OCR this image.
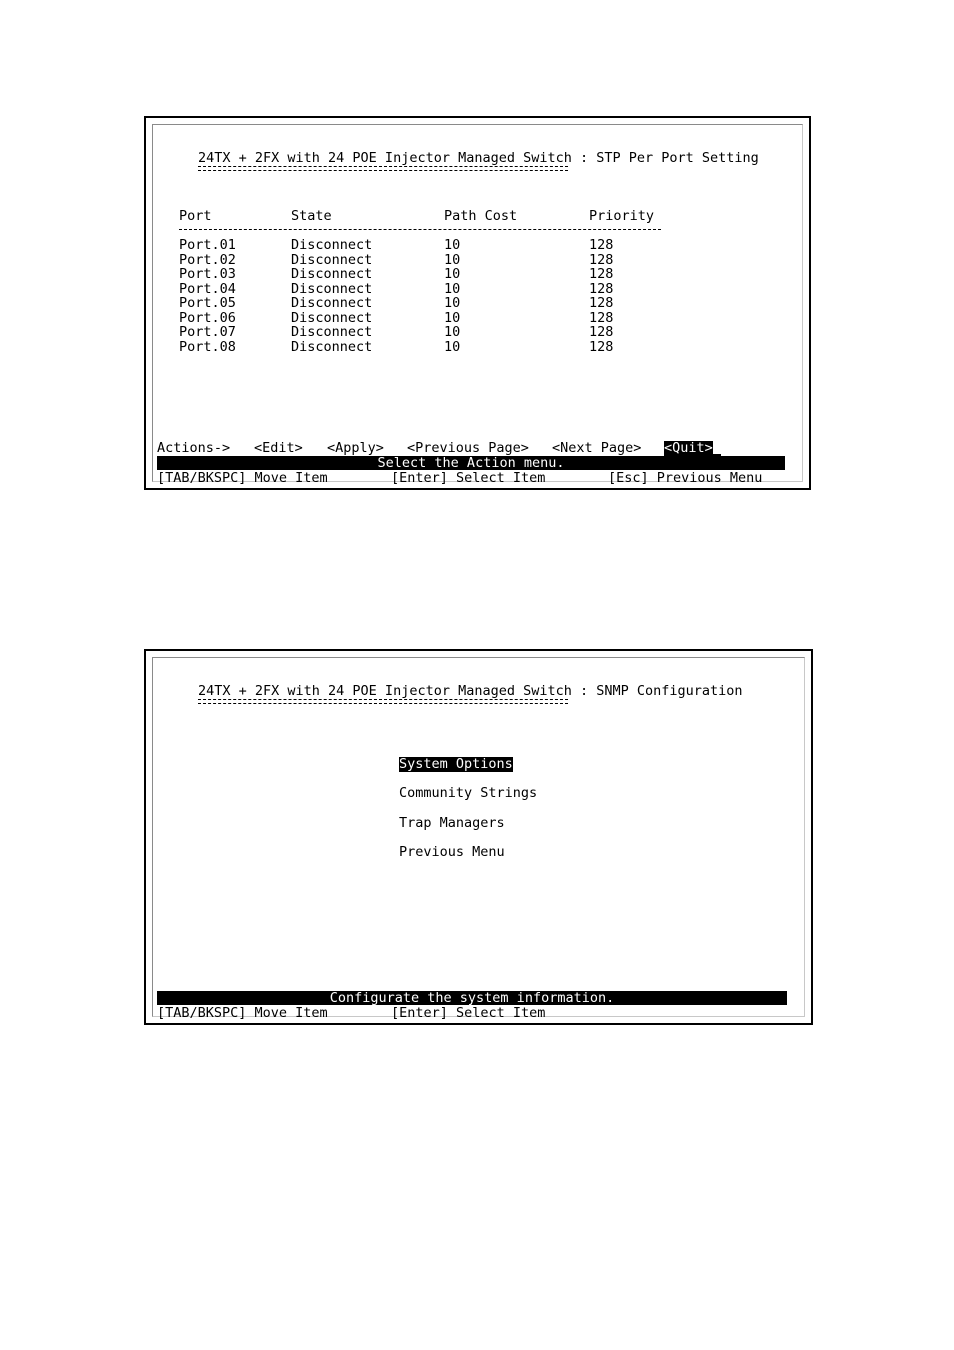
24TX + 2FX with 24 POE Injector Managed Switch : STP Per Port Setting
Port	State	Path Cost	Priority
Port.01	Disconnect	10	128
Port.02	Disconnect	10	128
Port.03	Disconnect	10	128
Port.04	Disconnect	10	128
Port.05	Disconnect	10	128
Port.06	Disconnect	10	128
Port.07	Disconnect	10	128
Port.08	Disconnect	10	128
Actions-> <Edit> <Apply> <Previous Page> <Next Page> <Quit>
Select the Action menu.
[TAB/BKSPC] Move Item	[Enter] Select Item	[Esc] Previous Menu
24TX + 2FX with 24 POE Injector Managed Switch : SNMP Configuration
System Options
Community Strings
Trap Managers
Previous Menu
Configurate the system information.
[TAB/BKSPC] Move Item	[Enter] Select Item
